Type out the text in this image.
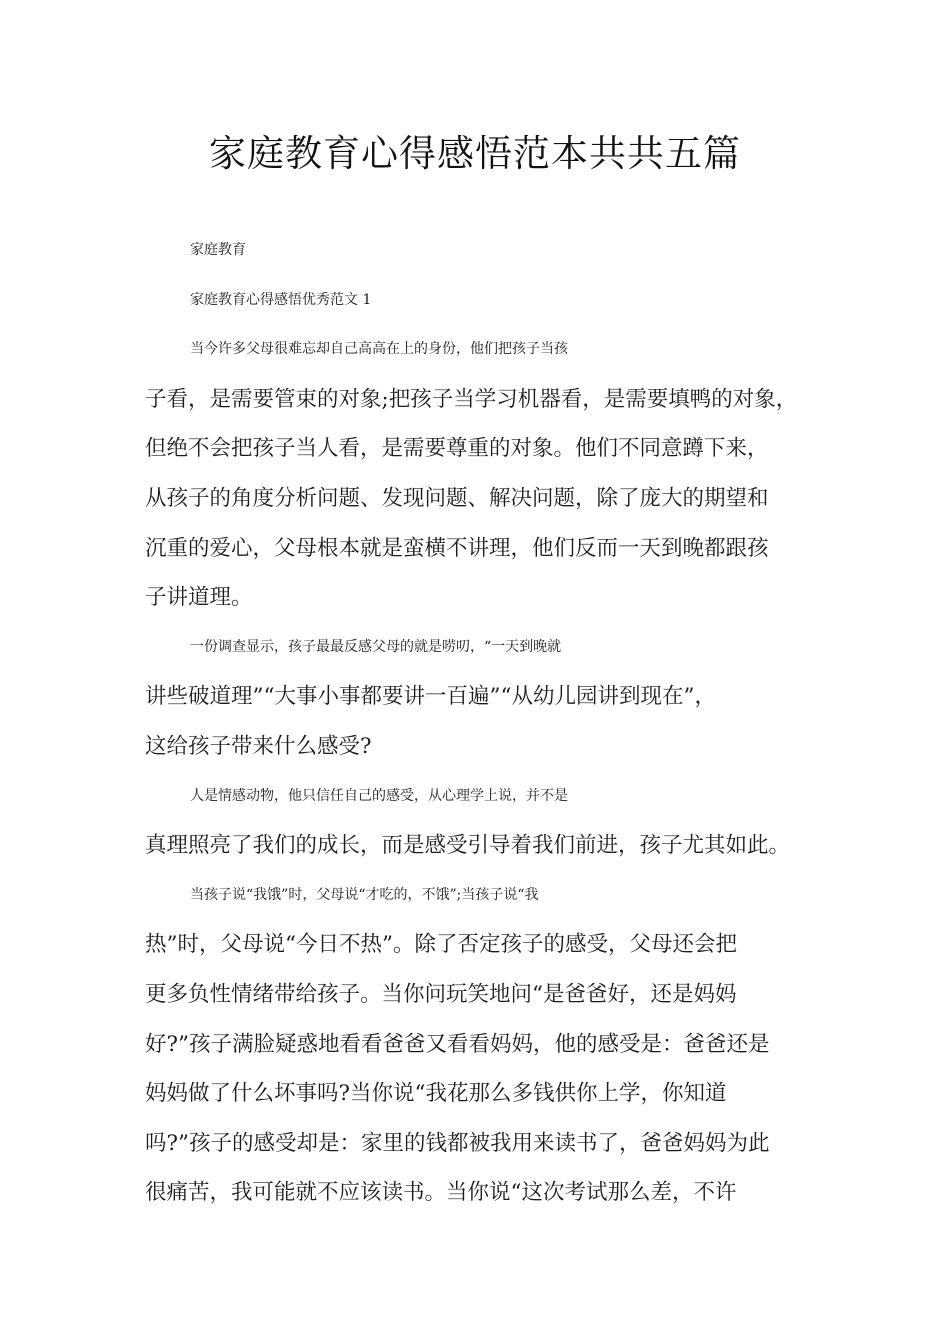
家庭教育心得感悟范本共共五篇

家庭教育

家庭教育心得感悟优秀范文 1

当今许多父母很难忘却自己高高在上的身份，他们把孩子当孩

子看，是需要管束的对象;把孩子当学习机器看，是需要填鸭的对象，

但绝不会把孩子当人看，是需要尊重的对象。他们不同意蹲下来，

从孩子的角度分析问题、发现问题、解决问题，除了庞大的期望和

沉重的爱心，父母根本就是蛮横不讲理，他们反而一天到晚都跟孩

子讲道理。

一份调查显示，孩子最最反感父母的就是唠叨，“一天到晚就

讲些破道理”“大事小事都要讲一百遍”“从幼儿园讲到现在”，

这给孩子带来什么感受?

人是情感动物，他只信任自己的感受，从心理学上说，并不是

真理照亮了我们的成长，而是感受引导着我们前进，孩子尤其如此。

当孩子说“我饿”时，父母说“才吃的，不饿”;当孩子说“我

热”时，父母说“今日不热”。除了否定孩子的感受，父母还会把

更多负性情绪带给孩子。当你问玩笑地问“是爸爸好，还是妈妈

好?”孩子满脸疑惑地看看爸爸又看看妈妈，他的感受是：爸爸还是

妈妈做了什么坏事吗?当你说“我花那么多钱供你上学，你知道

吗?”孩子的感受却是：家里的钱都被我用来读书了，爸爸妈妈为此

很痛苦，我可能就不应该读书。当你说“这次考试那么差，不许
